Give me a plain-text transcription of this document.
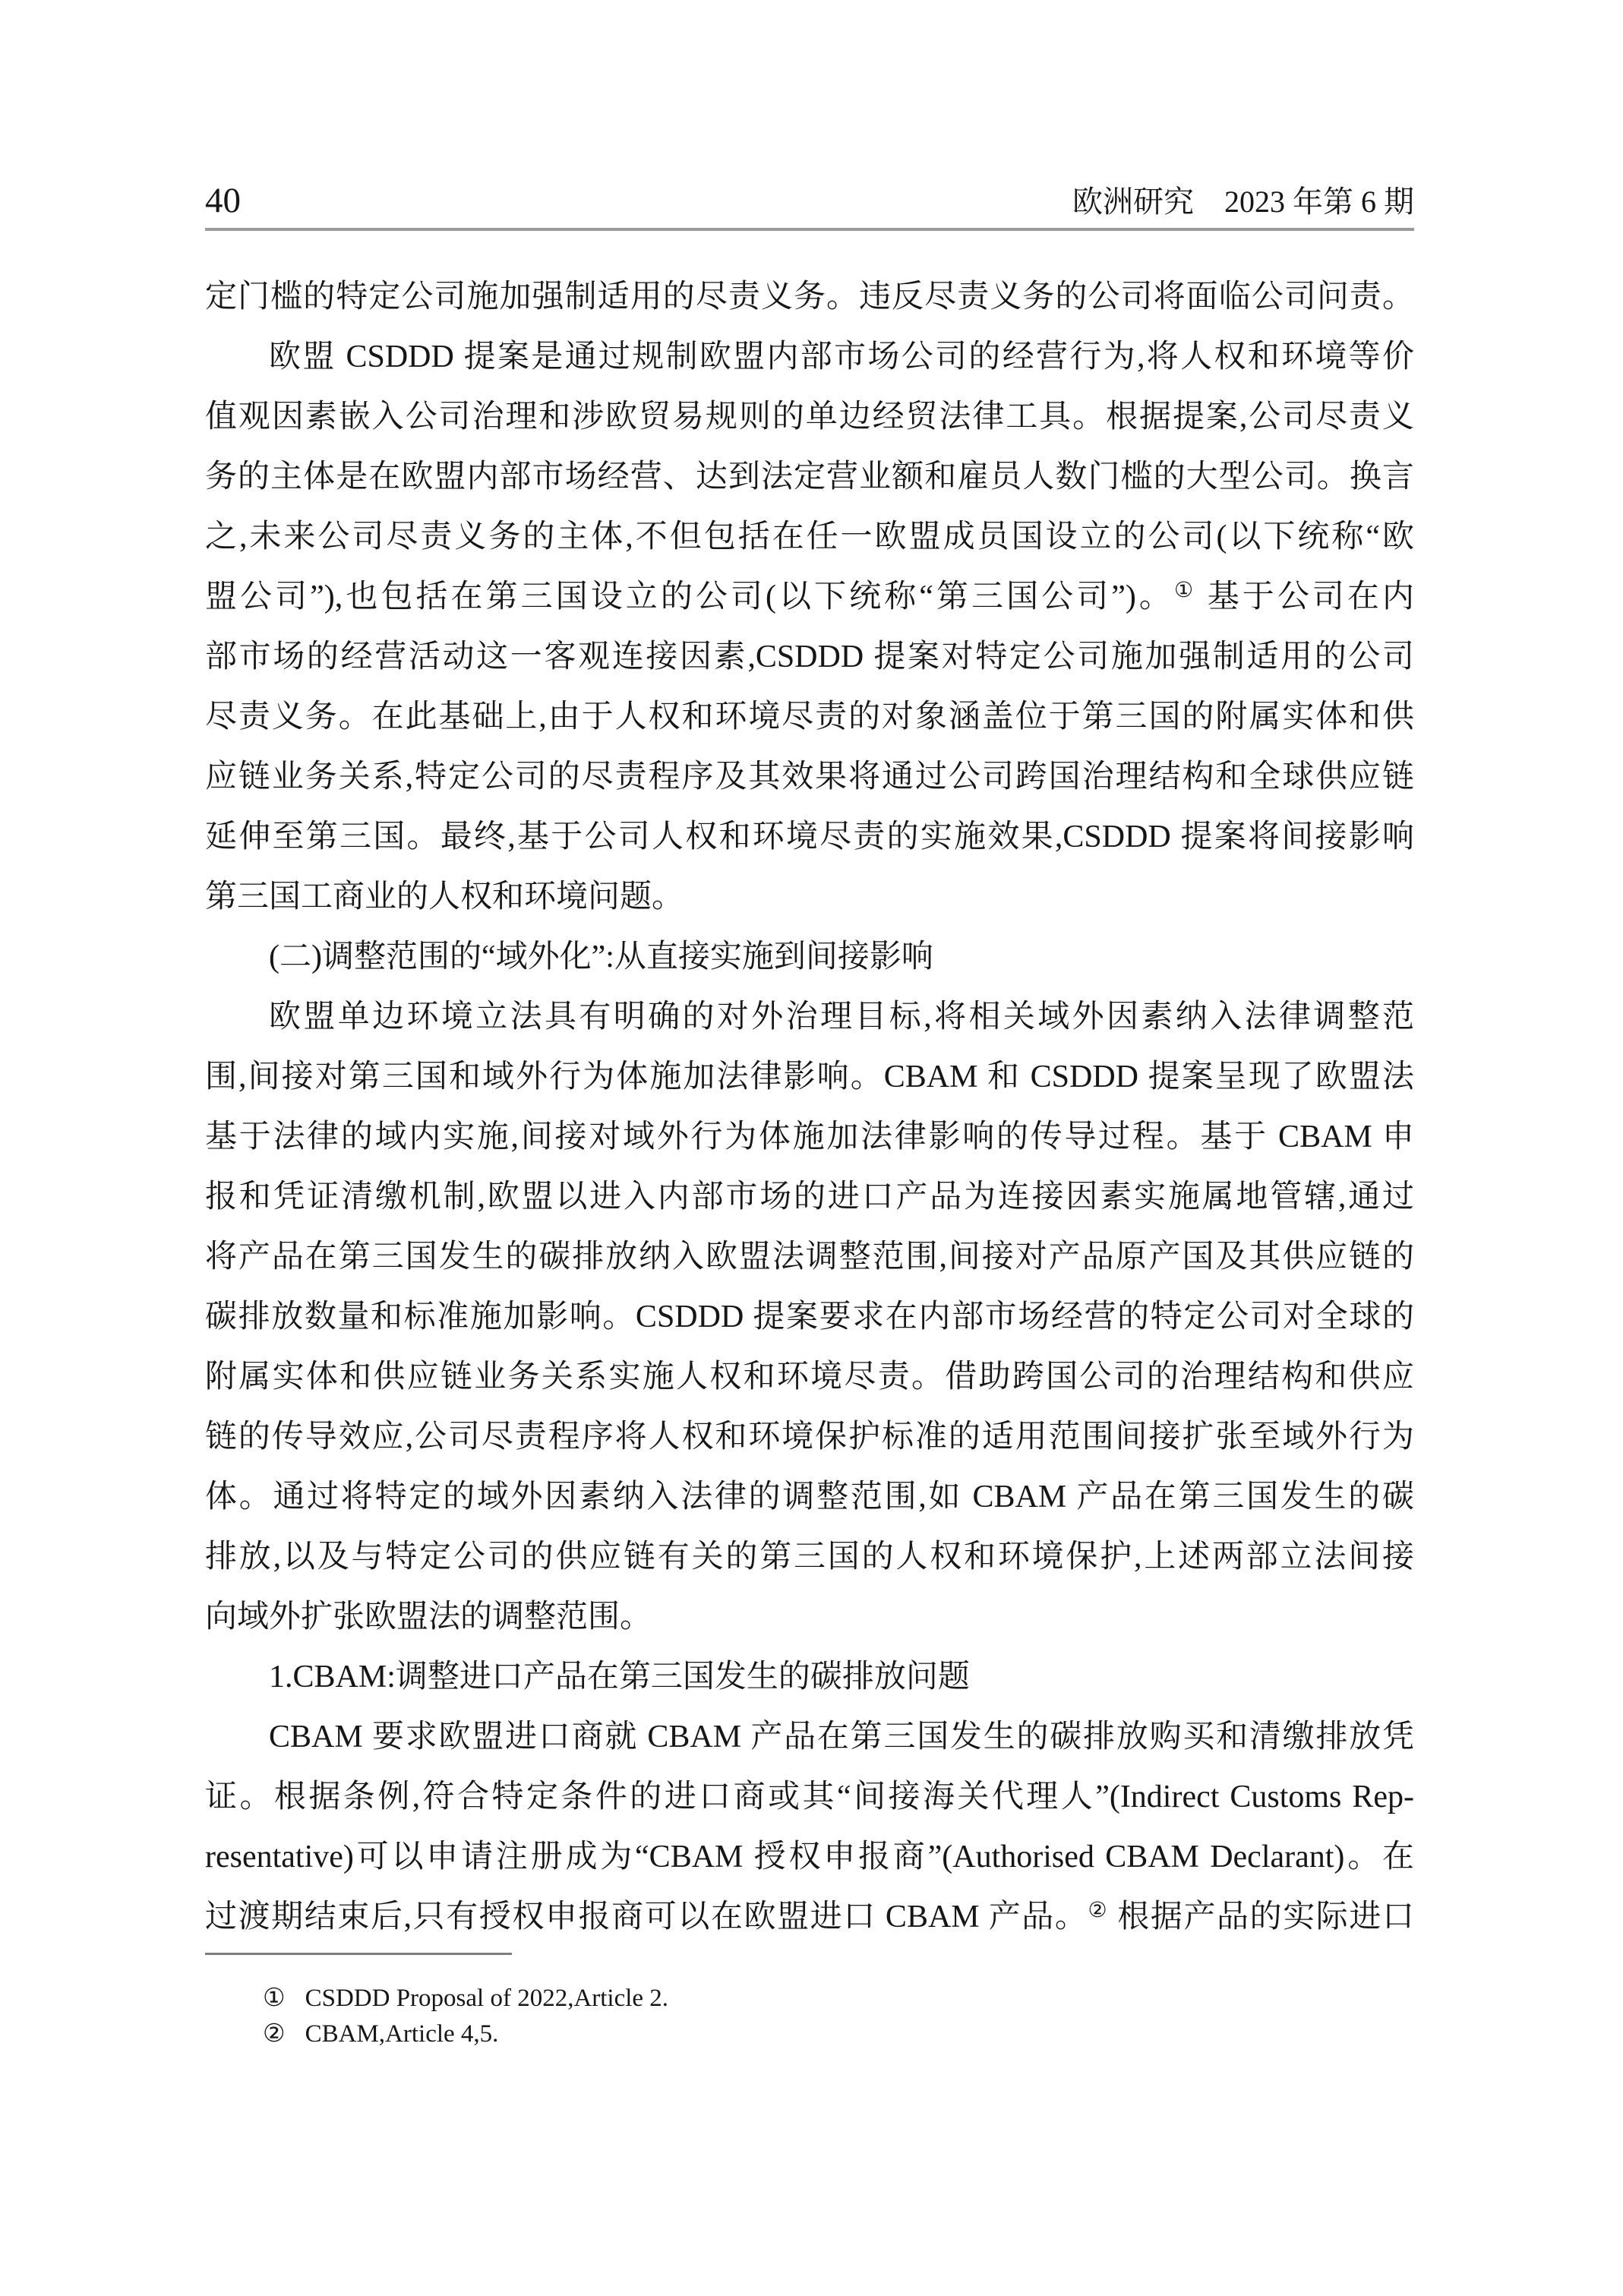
40	欧洲研究　2023 年第 6 期
定门槛的特定公司施加强制适用的尽责义务。违反尽责义务的公司将面临公司问责。
欧盟 CSDDD 提案是通过规制欧盟内部市场公司的经营行为,将人权和环境等价
值观因素嵌入公司治理和涉欧贸易规则的单边经贸法律工具。根据提案,公司尽责义
务的主体是在欧盟内部市场经营、达到法定营业额和雇员人数门槛的大型公司。换言
之,未来公司尽责义务的主体,不但包括在任一欧盟成员国设立的公司(以下统称“欧
盟公司”),也包括在第三国设立的公司(以下统称“第三国公司”)。① 基于公司在内
部市场的经营活动这一客观连接因素,CSDDD 提案对特定公司施加强制适用的公司
尽责义务。在此基础上,由于人权和环境尽责的对象涵盖位于第三国的附属实体和供
应链业务关系,特定公司的尽责程序及其效果将通过公司跨国治理结构和全球供应链
延伸至第三国。最终,基于公司人权和环境尽责的实施效果,CSDDD 提案将间接影响
第三国工商业的人权和环境问题。
(二)调整范围的“域外化”:从直接实施到间接影响
欧盟单边环境立法具有明确的对外治理目标,将相关域外因素纳入法律调整范
围,间接对第三国和域外行为体施加法律影响。CBAM 和 CSDDD 提案呈现了欧盟法
基于法律的域内实施,间接对域外行为体施加法律影响的传导过程。基于 CBAM 申
报和凭证清缴机制,欧盟以进入内部市场的进口产品为连接因素实施属地管辖,通过
将产品在第三国发生的碳排放纳入欧盟法调整范围,间接对产品原产国及其供应链的
碳排放数量和标准施加影响。CSDDD 提案要求在内部市场经营的特定公司对全球的
附属实体和供应链业务关系实施人权和环境尽责。借助跨国公司的治理结构和供应
链的传导效应,公司尽责程序将人权和环境保护标准的适用范围间接扩张至域外行为
体。通过将特定的域外因素纳入法律的调整范围,如 CBAM 产品在第三国发生的碳
排放,以及与特定公司的供应链有关的第三国的人权和环境保护,上述两部立法间接
向域外扩张欧盟法的调整范围。
1.CBAM:调整进口产品在第三国发生的碳排放问题
CBAM 要求欧盟进口商就 CBAM 产品在第三国发生的碳排放购买和清缴排放凭
证。根据条例,符合特定条件的进口商或其“间接海关代理人”(Indirect Customs Rep-
resentative)可以申请注册成为“CBAM 授权申报商”(Authorised CBAM Declarant)。在
过渡期结束后,只有授权申报商可以在欧盟进口 CBAM 产品。② 根据产品的实际进口
① CSDDD Proposal of 2022,Article 2.
② CBAM,Article 4,5.
